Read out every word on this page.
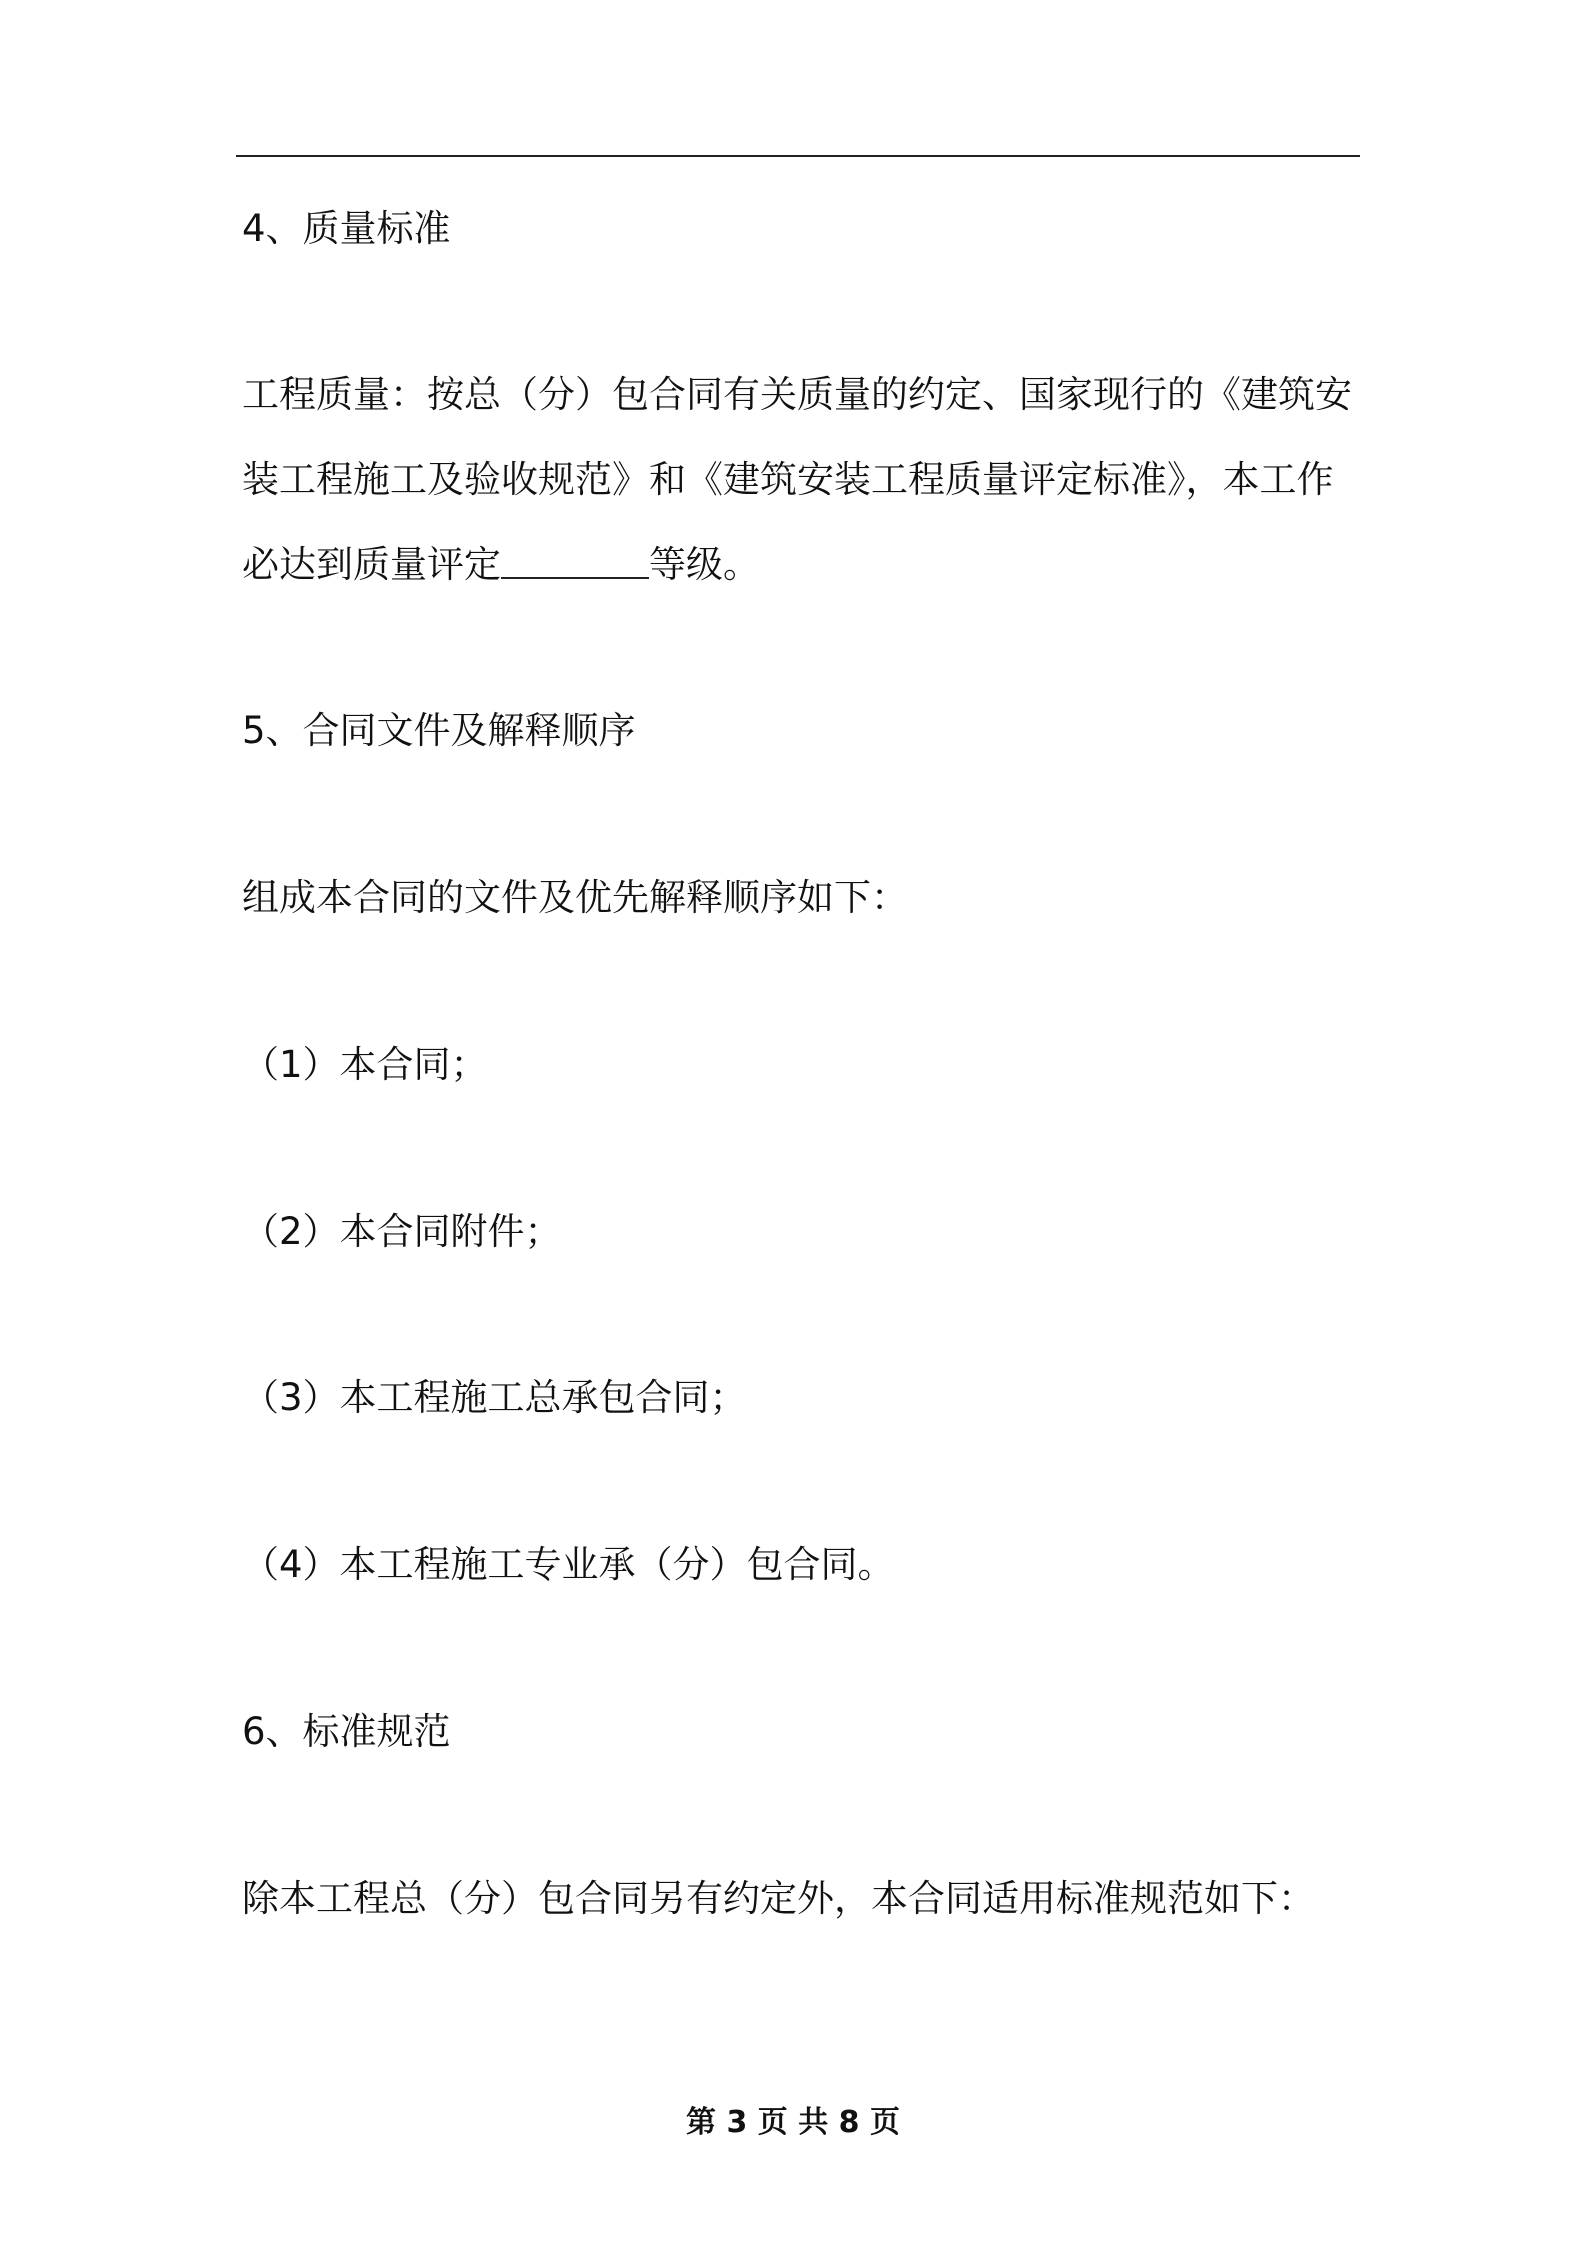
4、质量标准

工程质量：按总（分）包合同有关质量的约定、国家现行的《建筑安

装工程施工及验收规范》和《建筑安装工程质量评定标准》，本工作

必达到质量评定	等级。

5、合同文件及解释顺序

组成本合同的文件及优先解释顺序如下：

（1）本合同；

（2）本合同附件；

（3）本工程施工总承包合同；

（4）本工程施工专业承（分）包合同。

6、标准规范

除本工程总（分）包合同另有约定外，本合同适用标准规范如下：

第 3 页 共 8 页
